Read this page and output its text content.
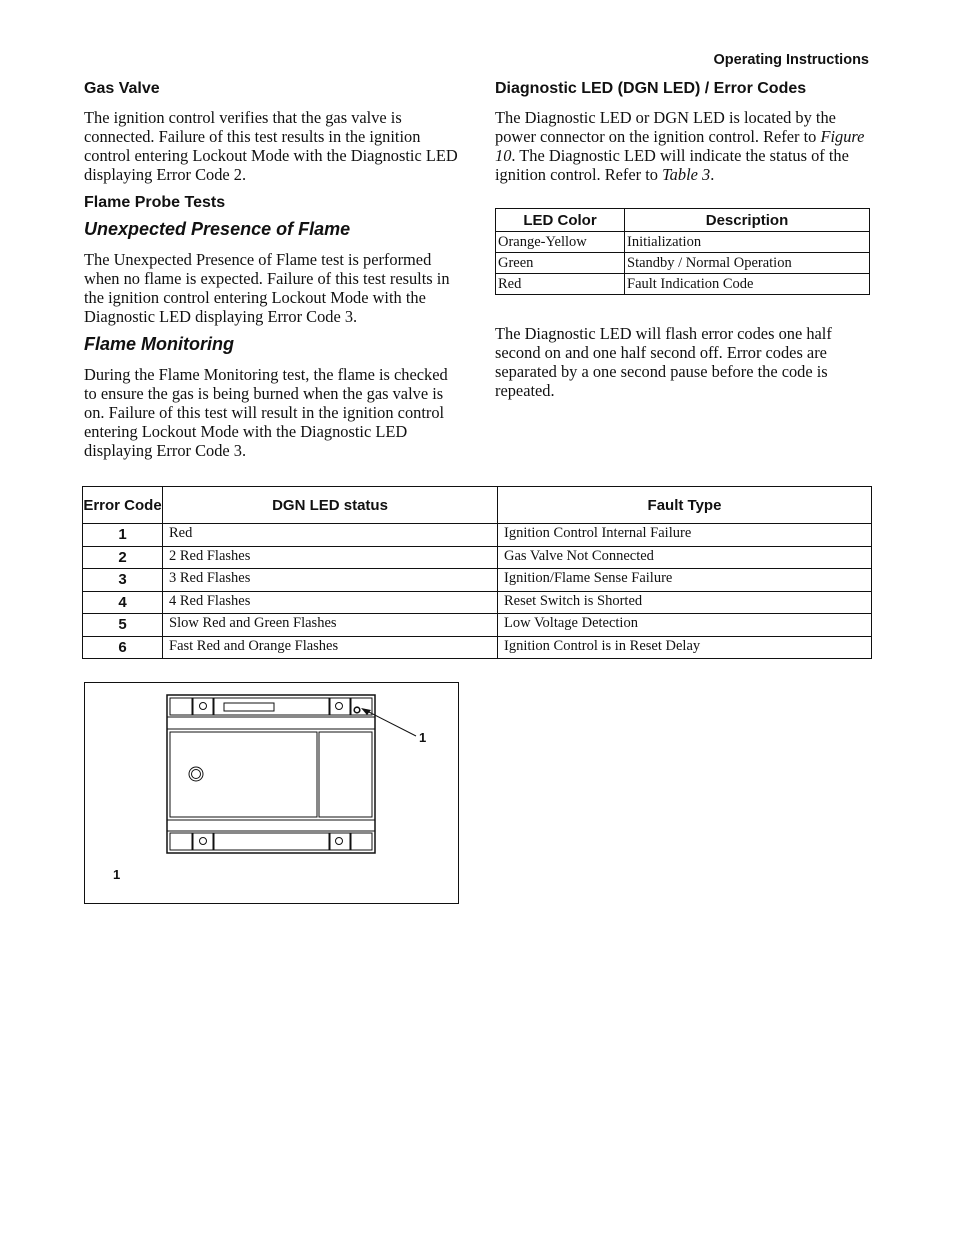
Operating Instructions
Gas Valve

The ignition control verifies that the gas valve is connected. Failure of this test results in the ignition control entering Lockout Mode with the Diagnostic LED displaying Error Code 2.

Flame Probe Tests
Unexpected Presence of Flame

The Unexpected Presence of Flame test is performed when no flame is expected. Failure of this test results in the ignition control entering Lockout Mode with the Diagnostic LED displaying Error Code 3.

Flame Monitoring

During the Flame Monitoring test, the flame is checked to ensure the gas is being burned when the gas valve is on. Failure of this test will result in the ignition control entering Lockout Mode with the Diagnostic LED displaying Error Code 3.

Diagnostic LED (DGN LED) / Error Codes

The Diagnostic LED or DGN LED is located by the power connector on the ignition control. Refer to Figure 10. The Diagnostic LED will indicate the status of the ignition control. Refer to Table 3.

LED Color	Description
Orange-Yellow	Initialization
Green	Standby / Normal Operation
Red	Fault Indication Code

The Diagnostic LED will flash error codes one half second on and one half second off. Error codes are separated by a one second pause before the code is repeated.

Error Code	DGN LED status	Fault Type
1	Red	Ignition Control Internal Failure
2	2 Red Flashes	Gas Valve Not Connected
3	3 Red Flashes	Ignition/Flame Sense Failure
4	4 Red Flashes	Reset Switch is Shorted
5	Slow Red and Green Flashes	Low Voltage Detection
6	Fast Red and Orange Flashes	Ignition Control is in Reset Delay
1
1
